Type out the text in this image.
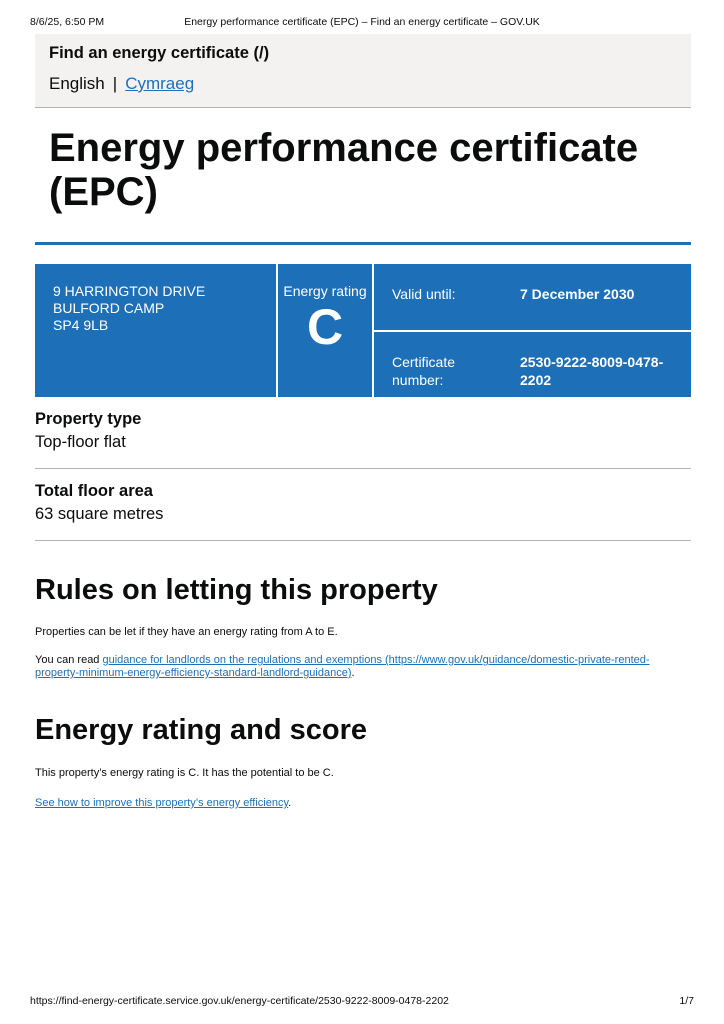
8/6/25, 6:50 PM	Energy performance certificate (EPC) – Find an energy certificate – GOV.UK
Find an energy certificate (/)
English | Cymraeg
Energy performance certificate (EPC)
9 HARRINGTON DRIVE
BULFORD CAMP
SP4 9LB
Energy rating
C
Valid until:	7 December 2030
Certificate number:
2530-9222-8009-0478-2202
Property type
Top-floor flat
Total floor area
63 square metres
Rules on letting this property

Properties can be let if they have an energy rating from A to E.

You can read guidance for landlords on the regulations and exemptions (https://www.gov.uk/guidance/domestic-private-rented-property-minimum-energy-efficiency-standard-landlord-guidance).

Energy rating and score

This property’s energy rating is C. It has the potential to be C.

See how to improve this property’s energy efficiency.

https://find-energy-certificate.service.gov.uk/energy-certificate/2530-9222-8009-0478-2202	1/7
